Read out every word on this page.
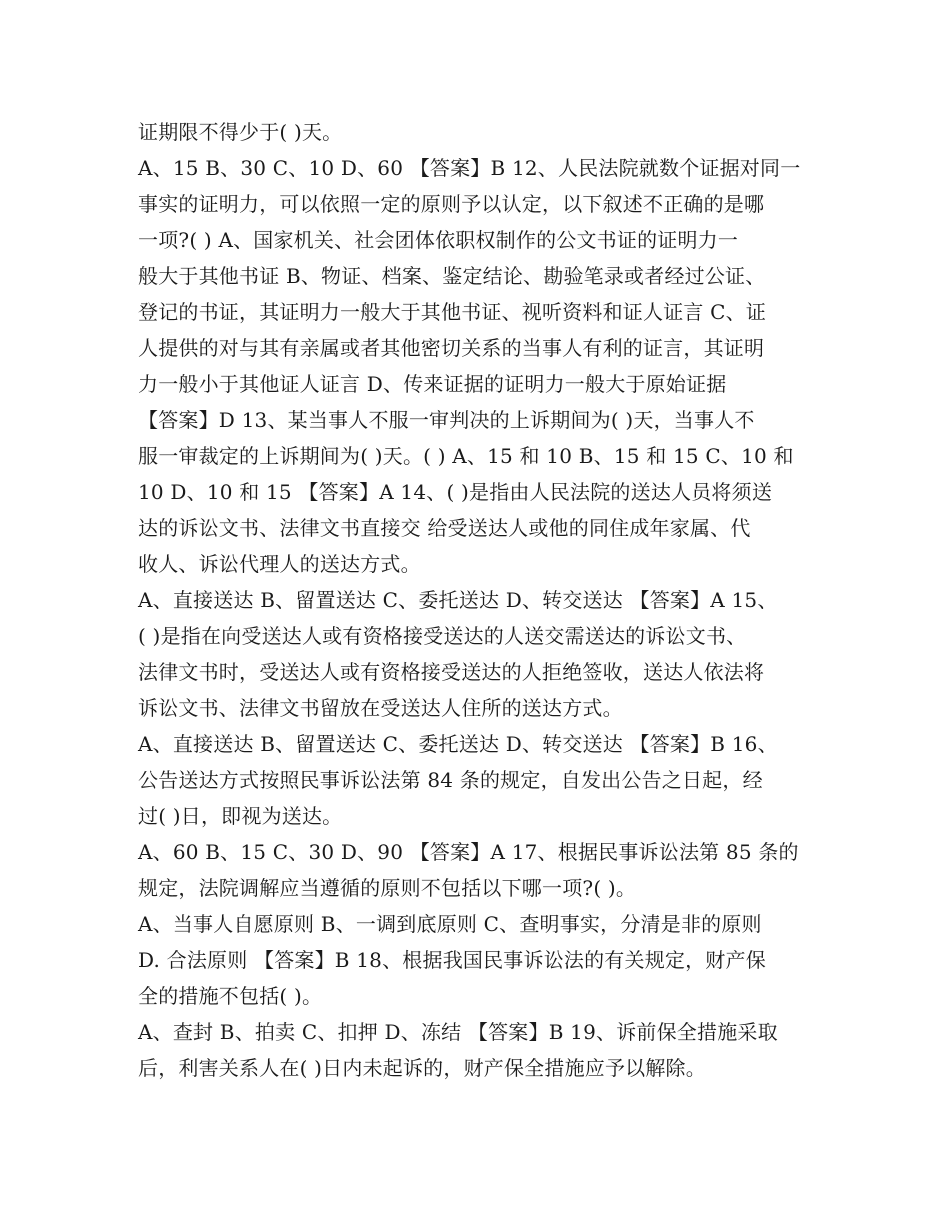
证期限不得少于( )天。
A、15 B、30 C、10 D、60 【答案】B 12、人民法院就数个证据对同一
事实的证明力，可以依照一定的原则予以认定，以下叙述不正确的是哪
一项?( ) A、国家机关、社会团体依职权制作的公文书证的证明力一
般大于其他书证 B、物证、档案、鉴定结论、勘验笔录或者经过公证、
登记的书证，其证明力一般大于其他书证、视听资料和证人证言 C、证
人提供的对与其有亲属或者其他密切关系的当事人有利的证言，其证明
力一般小于其他证人证言 D、传来证据的证明力一般大于原始证据
【答案】D 13、某当事人不服一审判决的上诉期间为( )天，当事人不
服一审裁定的上诉期间为( )天。( ) A、15 和 10 B、15 和 15 C、10 和
10 D、10 和 15 【答案】A 14、( )是指由人民法院的送达人员将须送
达的诉讼文书、法律文书直接交 给受送达人或他的同住成年家属、代
收人、诉讼代理人的送达方式。
A、直接送达 B、留置送达 C、委托送达 D、转交送达 【答案】A 15、
( )是指在向受送达人或有资格接受送达的人送交需送达的诉讼文书、
法律文书时，受送达人或有资格接受送达的人拒绝签收，送达人依法将
诉讼文书、法律文书留放在受送达人住所的送达方式。
A、直接送达 B、留置送达 C、委托送达 D、转交送达 【答案】B 16、
公告送达方式按照民事诉讼法第 84 条的规定，自发出公告之日起，经
过( )日，即视为送达。
A、60 B、15 C、30 D、90 【答案】A 17、根据民事诉讼法第 85 条的
规定，法院调解应当遵循的原则不包括以下哪一项?( )。
A、当事人自愿原则 B、一调到底原则 C、查明事实，分清是非的原则
D. 合法原则 【答案】B 18、根据我国民事诉讼法的有关规定，财产保
全的措施不包括( )。
A、查封 B、拍卖 C、扣押 D、冻结 【答案】B 19、诉前保全措施采取
后，利害关系人在( )日内未起诉的，财产保全措施应予以解除。
